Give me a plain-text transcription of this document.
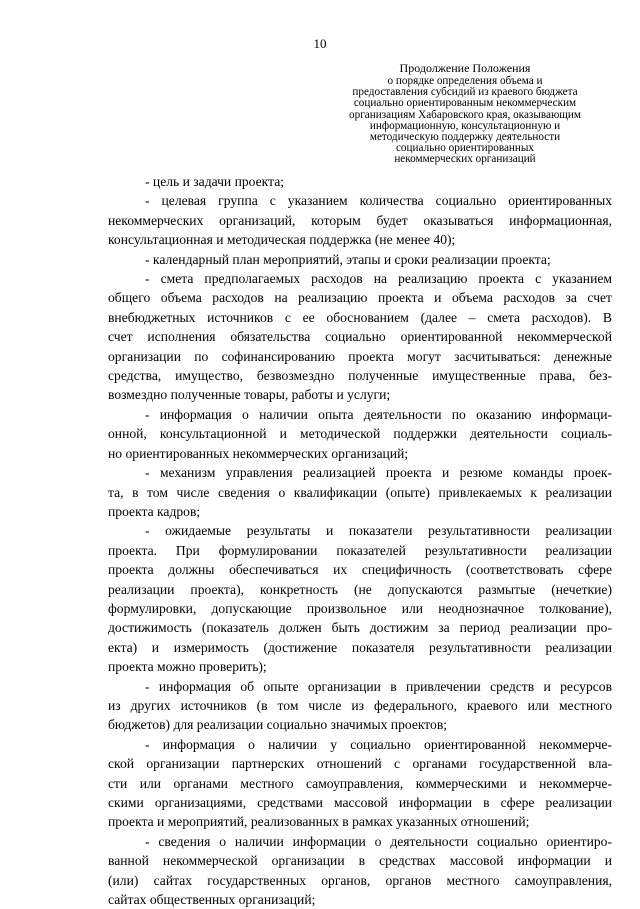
10
Продолжение Положения
о порядке определения объема и
предоставления субсидий из краевого бюджета
социально ориентированным некоммерческим
организациям Хабаровского края, оказывающим
информационную, консультационную и
методическую поддержку деятельности
социально ориентированных
некоммерческих организаций
- цель и задачи проекта;
- целевая группа с указанием количества социально ориентированных
некоммерческих организаций, которым будет оказываться информационная,
консультационная и методическая поддержка (не менее 40);
- календарный план мероприятий, этапы и сроки реализации проекта;
- смета предполагаемых расходов на реализацию проекта с указанием
общего объема расходов на реализацию проекта и объема расходов за счет
внебюджетных источников с ее обоснованием (далее – смета расходов). В
счет исполнения обязательства социально ориентированной некоммерческой
организации по софинансированию проекта могут засчитываться: денежные
средства, имущество, безвозмездно полученные имущественные права, без-
возмездно полученные товары, работы и услуги;
- информация о наличии опыта деятельности по оказанию информаци-
онной, консультационной и методической поддержки деятельности социаль-
но ориентированных некоммерческих организаций;
- механизм управления реализацией проекта и резюме команды проек-
та, в том числе сведения о квалификации (опыте) привлекаемых к реализации
проекта кадров;
- ожидаемые результаты и показатели результативности реализации
проекта. При формулировании показателей результативности реализации
проекта должны обеспечиваться их специфичность (соответствовать сфере
реализации проекта), конкретность (не допускаются размытые (нечеткие)
формулировки, допускающие произвольное или неоднозначное толкование),
достижимость (показатель должен быть достижим за период реализации про-
екта) и измеримость (достижение показателя результативности реализации
проекта можно проверить);
- информация об опыте организации в привлечении средств и ресурсов
из других источников (в том числе из федерального, краевого или местного
бюджетов) для реализации социально значимых проектов;
- информация о наличии у социально ориентированной некоммерче-
ской организации партнерских отношений с органами государственной вла-
сти или органами местного самоуправления, коммерческими и некоммерче-
скими организациями, средствами массовой информации в сфере реализации
проекта и мероприятий, реализованных в рамках указанных отношений;
- сведения о наличии информации о деятельности социально ориентиро-
ванной некоммерческой организации в средствах массовой информации и
(или) сайтах государственных органов, органов местного самоуправления,
сайтах общественных организаций;
